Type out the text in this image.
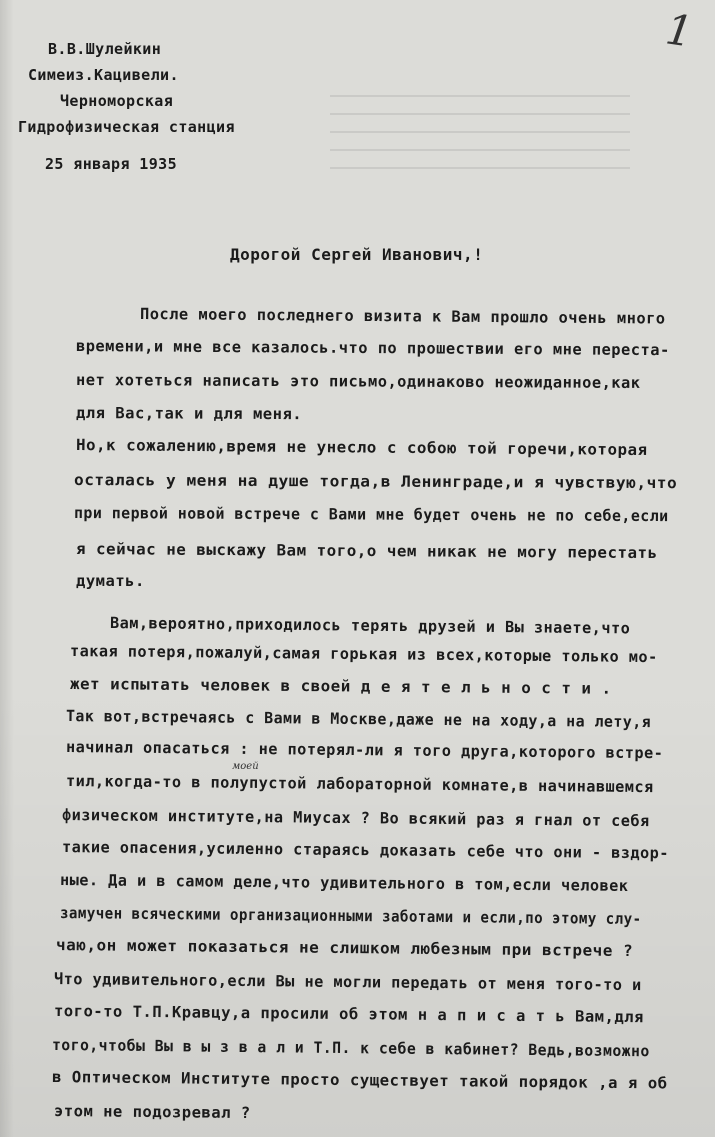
1
В.В.Шулейкин
Симеиз.Кацивели.
Черноморская
Гидрофизическая станция
25 января 1935
Дорогой Сергей Иванович,!
После моего последнего визита к Вам прошло очень много
времени,и мне все казалось.что по прошествии его мне переста-
нет хотеться написать это письмо,одинаково неожиданное,как
для Вас,так и для меня.
Но,к сожалению,время не унесло с собою той горечи,которая
осталась у меня на душе тогда,в Ленинграде,и я чувствую,что
при первой новой встрече с Вами мне будет очень не по себе,если
я сейчас не выскажу Вам того,о чем никак не могу перестать
думать.
Вам,вероятно,приходилось терять друзей и Вы знаете,что
такая потеря,пожалуй,самая горькая из всех,которые только мо-
жет испытать человек в своей д е я т е л ь н о с т и .
Так вот,встречаясь с Вами в Москве,даже не на ходу,а на лету,я
начинал опасаться : не потерял-ли я того друга,которого встре-
моей
тил,когда-то в полупустой лабораторной комнате,в начинавшемся
физическом институте,на Миусах ? Во всякий раз я гнал от себя
такие опасения,усиленно стараясь доказать себе что они - вздор-
ные. Да и в самом деле,что удивительного в том,если человек
замучен всяческими организационными заботами и если,по этому слу-
чаю,он может показаться не слишком любезным при встрече ?
Что удивительного,если Вы не могли передать от меня того-то и
того-то Т.П.Кравцу,а просили об этом н а п и с а т ь Вам,для
того,чтобы Вы в ы з в а л и Т.П. к себе в кабинет? Ведь,возможно
в Оптическом Институте просто существует такой порядок ,а я об
этом не подозревал ?
